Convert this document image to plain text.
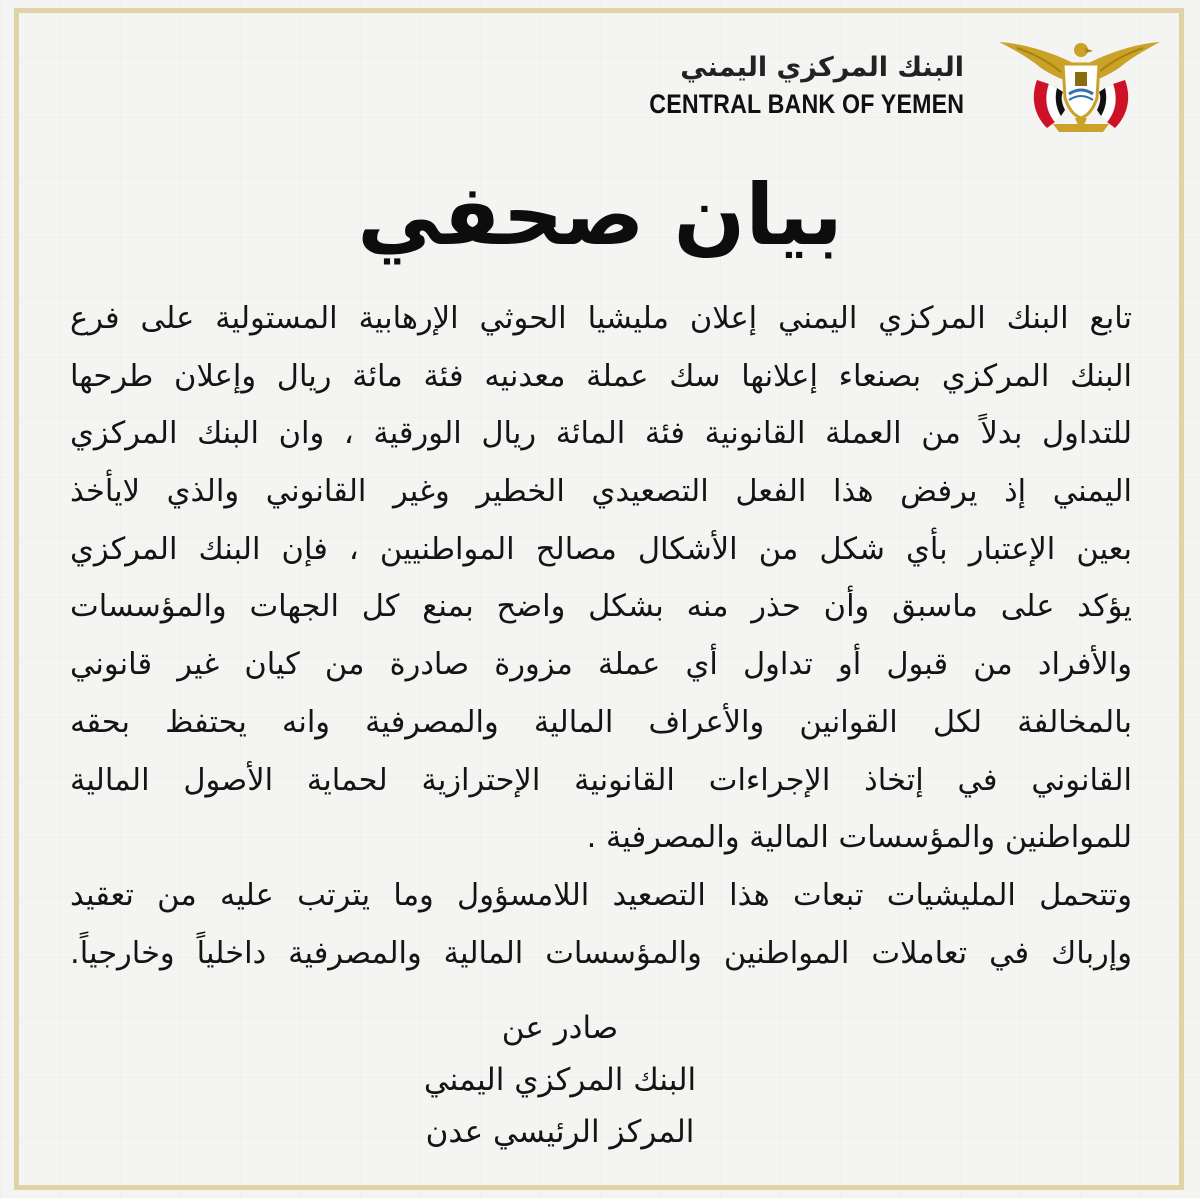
البنك المركزي اليمني
CENTRAL BANK OF YEMEN
بيان صحفي
تابع البنك المركزي اليمني إعلان مليشيا الحوثي الإرهابية المستولية على فرع
البنك المركزي بصنعاء إعلانها سك عملة معدنيه فئة مائة ريال وإعلان طرحها
للتداول بدلاً من العملة القانونية فئة المائة ريال الورقية ، وان البنك المركزي
اليمني إذ يرفض هذا الفعل التصعيدي الخطير وغير القانوني والذي لايأخذ
بعين الإعتبار بأي شكل من الأشكال مصالح المواطنيين ، فإن البنك المركزي
يؤكد على ماسبق وأن حذر منه بشكل واضح بمنع كل الجهات والمؤسسات
والأفراد من قبول أو تداول أي عملة مزورة صادرة من كيان غير قانوني
بالمخالفة لكل القوانين والأعراف المالية والمصرفية وانه يحتفظ بحقه
القانوني في إتخاذ الإجراءات القانونية الإحترازية لحماية الأصول المالية
للمواطنين والمؤسسات المالية والمصرفية .
وتتحمل المليشيات تبعات هذا التصعيد اللامسؤول وما يترتب عليه من تعقيد
وإرباك في تعاملات المواطنين والمؤسسات المالية والمصرفية داخلياً وخارجياً.
صادر عن
البنك المركزي اليمني
المركز الرئيسي عدن
